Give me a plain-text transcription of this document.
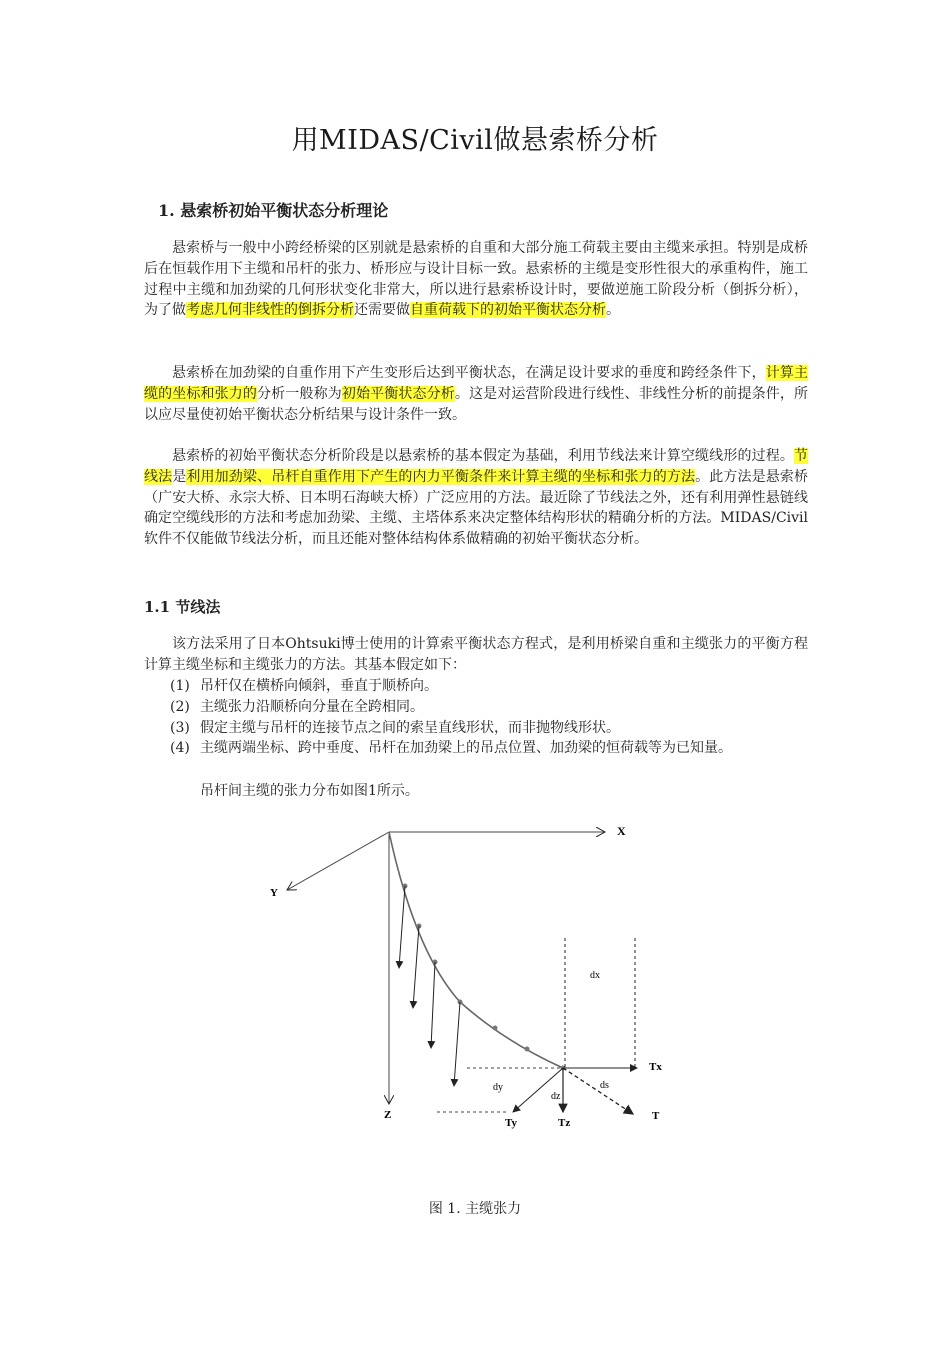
用MIDAS/Civil做悬索桥分析
1. 悬索桥初始平衡状态分析理论
悬索桥与一般中小跨经桥梁的区别就是悬索桥的自重和大部分施工荷载主要由主缆来承担。特别是成桥后在恒载作用下主缆和吊杆的张力、桥形应与设计目标一致。悬索桥的主缆是变形性很大的承重构件，施工过程中主缆和加劲梁的几何形状变化非常大，所以进行悬索桥设计时，要做逆施工阶段分析（倒拆分析），为了做考虑几何非线性的倒拆分析还需要做自重荷载下的初始平衡状态分析。
悬索桥在加劲梁的自重作用下产生变形后达到平衡状态，在满足设计要求的垂度和跨经条件下，计算主缆的坐标和张力的分析一般称为初始平衡状态分析。这是对运营阶段进行线性、非线性分析的前提条件，所以应尽量使初始平衡状态分析结果与设计条件一致。
悬索桥的初始平衡状态分析阶段是以悬索桥的基本假定为基础，利用节线法来计算空缆线形的过程。节线法是利用加劲梁、吊杆自重作用下产生的内力平衡条件来计算主缆的坐标和张力的方法。此方法是悬索桥（广安大桥、永宗大桥、日本明石海峡大桥）广泛应用的方法。最近除了节线法之外，还有利用弹性悬链线确定空缆线形的方法和考虑加劲梁、主缆、主塔体系来决定整体结构形状的精确分析的方法。MIDAS/Civil软件不仅能做节线法分析，而且还能对整体结构体系做精确的初始平衡状态分析。
1.1 节线法
该方法采用了日本Ohtsuki博士使用的计算索平衡状态方程式，是利用桥梁自重和主缆张力的平衡方程计算主缆坐标和主缆张力的方法。其基本假定如下：
(1) 吊杆仅在横桥向倾斜，垂直于顺桥向。
(2) 主缆张力沿顺桥向分量在全跨相同。
(3) 假定主缆与吊杆的连接节点之间的索呈直线形状，而非抛物线形状。
(4) 主缆两端坐标、跨中垂度、吊杆在加劲梁上的吊点位置、加劲梁的恒荷载等为已知量。
吊杆间主缆的张力分布如图1所示。
X
Y
Z
dx
dy
Tx
Tz
dz
Ty
T
ds
图 1. 主缆张力
